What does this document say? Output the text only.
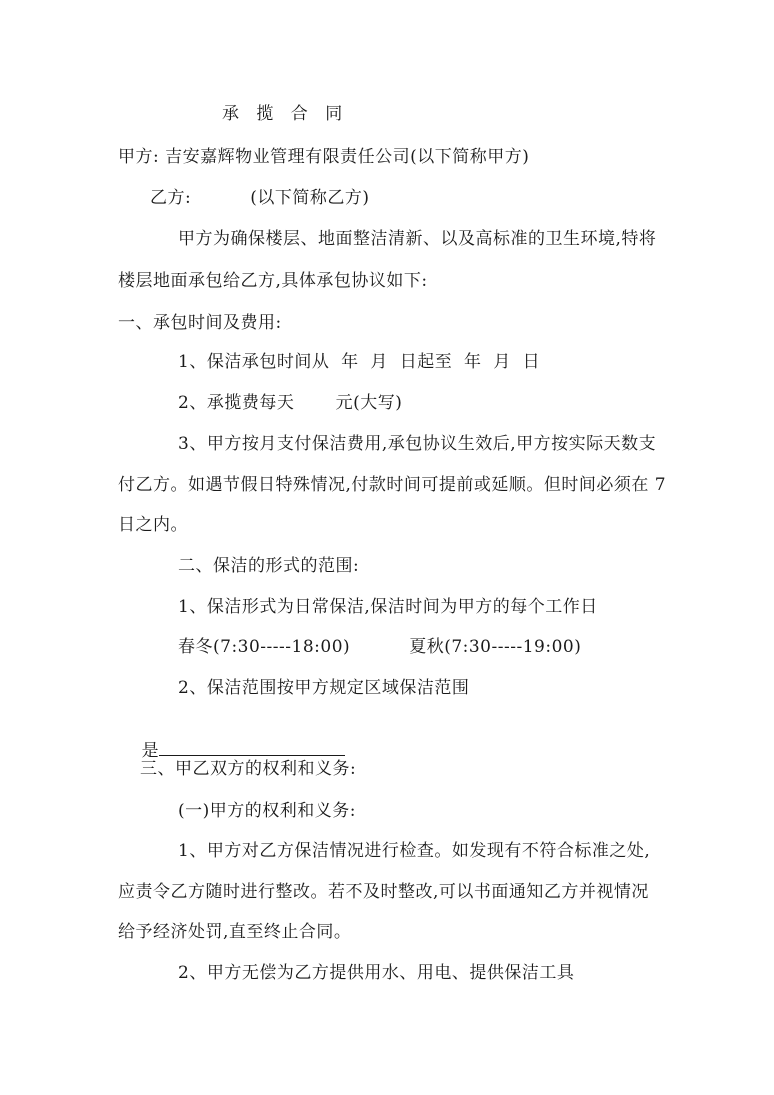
承 揽 合 同
甲方: 吉安嘉辉物业管理有限责任公司(以下简称甲方)
乙方:          (以下简称乙方)
甲方为确保楼层、地面整洁清新、以及高标准的卫生环境,特将
楼层地面承包给乙方,具体承包协议如下:
一、承包时间及费用:
1、保洁承包时间从  年  月  日起至  年  月  日
2、承揽费每天       元(大写)
3、甲方按月支付保洁费用,承包协议生效后,甲方按实际天数支
付乙方。如遇节假日特殊情况,付款时间可提前或延顺。但时间必须在 7
日之内。
二、保洁的形式的范围:
1、保洁形式为日常保洁,保洁时间为甲方的每个工作日
春冬(7:30-----18:00)          夏秋(7:30-----19:00)
2、保洁范围按甲方规定区域保洁范围

是

三、甲乙双方的权利和义务:
(一)甲方的权利和义务:
1、甲方对乙方保洁情况进行检查。如发现有不符合标准之处,
应责令乙方随时进行整改。若不及时整改,可以书面通知乙方并视情况
给予经济处罚,直至终止合同。
2、甲方无偿为乙方提供用水、用电、提供保洁工具
